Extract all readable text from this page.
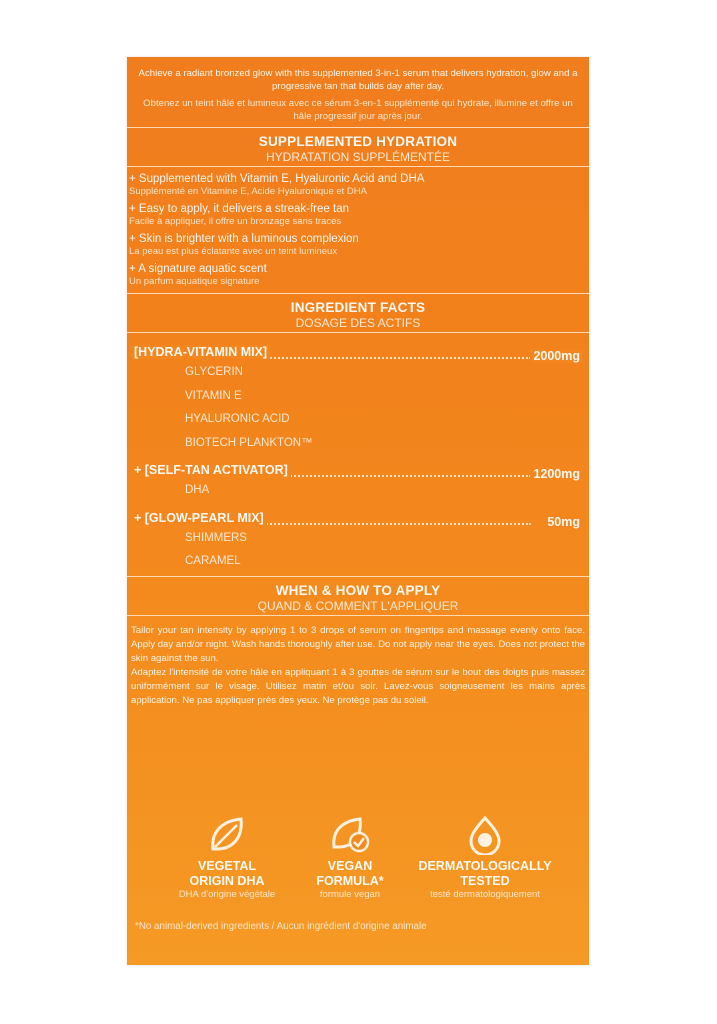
Achieve a radiant bronzed glow with this supplemented 3-in-1 serum that delivers hydration, glow and a progressive tan that builds day after day.

Obtenez un teint hâlé et lumineux avec ce sérum 3-en-1 supplémenté qui hydrate, illumine et offre un hâle progressif jour après jour.

SUPPLEMENTED HYDRATION
HYDRATATION SUPPLÉMENTÉE
+ Supplemented with Vitamin E, Hyaluronic Acid and DHA
Supplémenté en Vitamine E, Acide Hyaluronique et DHA
+ Easy to apply, it delivers a streak-free tan
Facile à appliquer, il offre un bronzage sans traces
+ Skin is brighter with a luminous complexion
La peau est plus éclatante avec un teint lumineux
+ A signature aquatic scent
Un parfum aquatique signature
INGREDIENT FACTS
DOSAGE DES ACTIFS
[HYDRA-VITAMIN MIX]	2000mg
GLYCERIN
VITAMIN E
HYALURONIC ACID
BIOTECH PLANKTON™
+ [SELF-TAN ACTIVATOR]	1200mg
DHA
+ [GLOW-PEARL MIX]	50mg
SHIMMERS
CARAMEL
WHEN & HOW TO APPLY
QUAND & COMMENT L'APPLIQUER

Tailor your tan intensity by applying 1 to 3 drops of serum on fingertips and massage evenly onto face. Apply day and/or night. Wash hands thoroughly after use. Do not apply near the eyes. Does not protect the skin against the sun.

Adaptez l'intensité de votre hâle en appliquant 1 à 3 gouttes de sérum sur le bout des doigts puis massez uniformément sur le visage. Utilisez matin et/ou soir. Lavez-vous soigneusement les mains après application. Ne pas appliquer près des yeux. Ne protège pas du soleil.

VEGETAL
ORIGIN DHA
DHA d'origine végétale
VEGAN
FORMULA*
formule vegan
DERMATOLOGICALLY
TESTED
testé dermatologiquement
*No animal-derived ingredients / Aucun ingrédient d'origine animale
